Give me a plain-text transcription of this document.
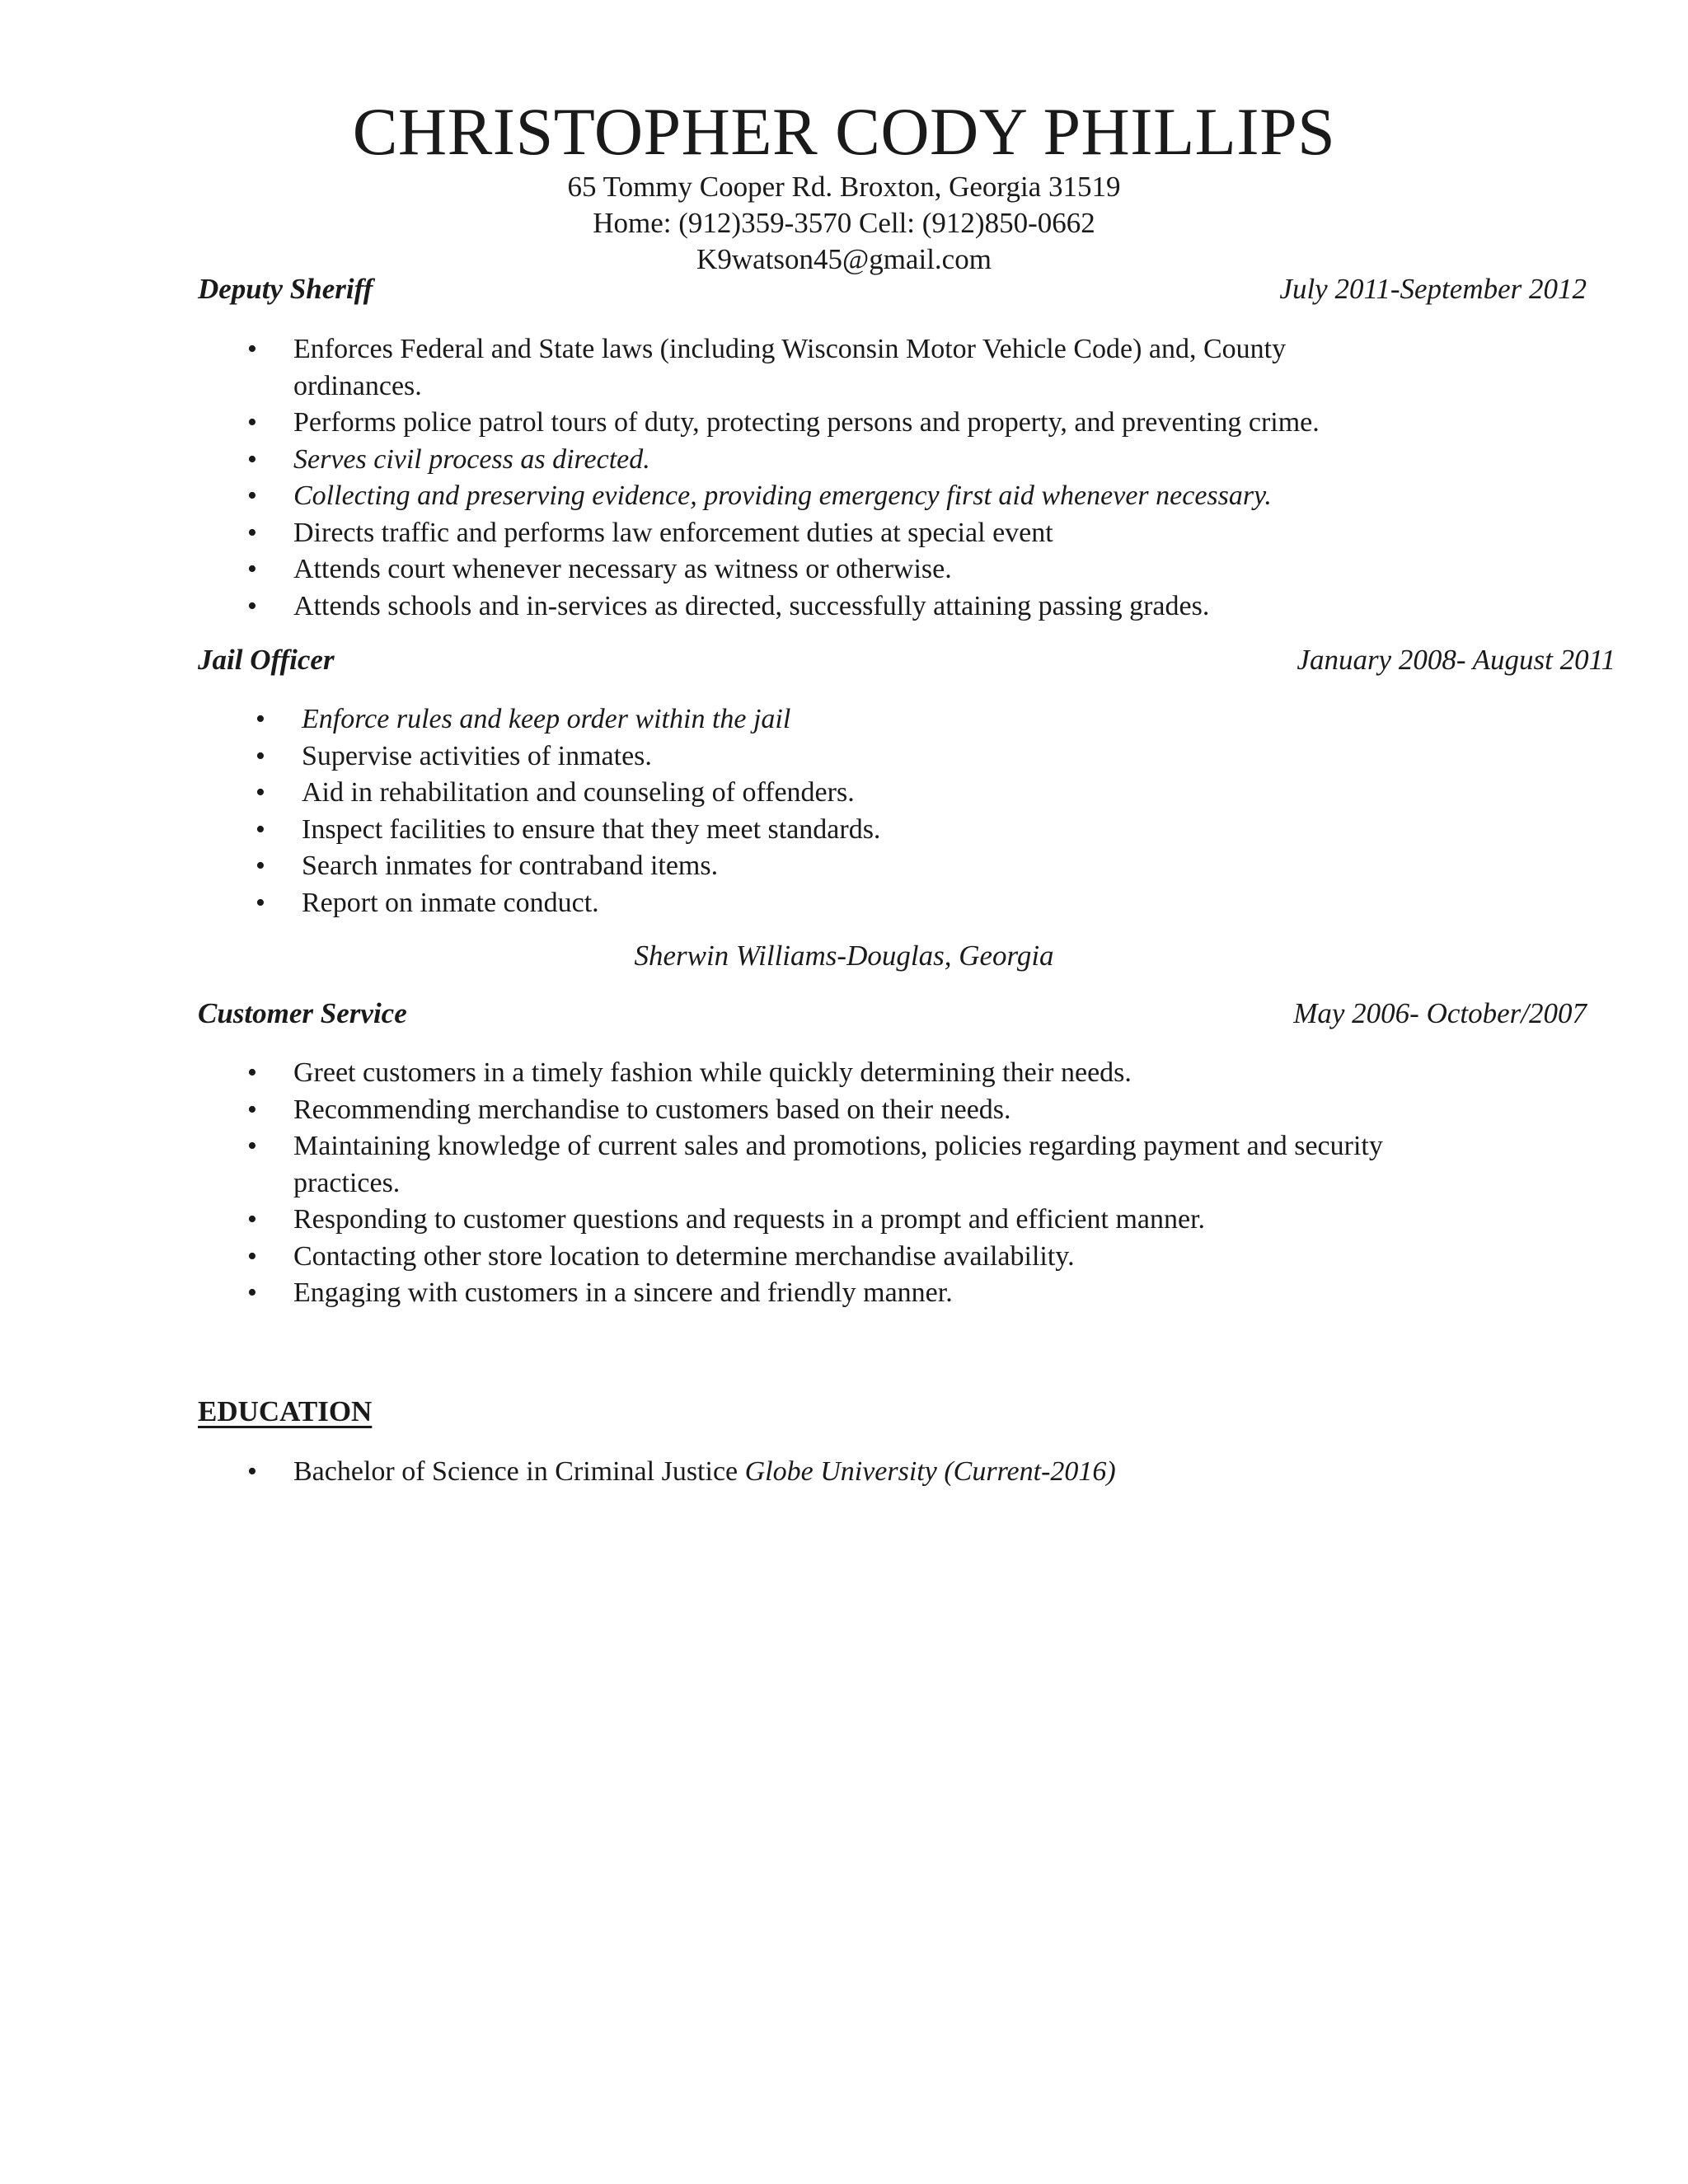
CHRISTOPHER CODY PHILLIPS
65 Tommy Cooper Rd. Broxton, Georgia 31519
Home: (912)359-3570 Cell: (912)850-0662
K9watson45@gmail.com
Deputy Sheriff	July 2011-September 2012
• Enforces Federal and State laws (including Wisconsin Motor Vehicle Code) and, County
ordinances.
• Performs police patrol tours of duty, protecting persons and property, and preventing crime.
• Serves civil process as directed.
• Collecting and preserving evidence, providing emergency first aid whenever necessary.
• Directs traffic and performs law enforcement duties at special event
• Attends court whenever necessary as witness or otherwise.
• Attends schools and in-services as directed, successfully attaining passing grades.
Jail Officer	January 2008- August 2011
• Enforce rules and keep order within the jail
• Supervise activities of inmates.
• Aid in rehabilitation and counseling of offenders.
• Inspect facilities to ensure that they meet standards.
• Search inmates for contraband items.
• Report on inmate conduct.
Sherwin Williams-Douglas, Georgia
Customer Service	May 2006- October/2007
• Greet customers in a timely fashion while quickly determining their needs.
• Recommending merchandise to customers based on their needs.
• Maintaining knowledge of current sales and promotions, policies regarding payment and security
practices.
• Responding to customer questions and requests in a prompt and efficient manner.
• Contacting other store location to determine merchandise availability.
• Engaging with customers in a sincere and friendly manner.
EDUCATION
• Bachelor of Science in Criminal Justice Globe University (Current-2016)
